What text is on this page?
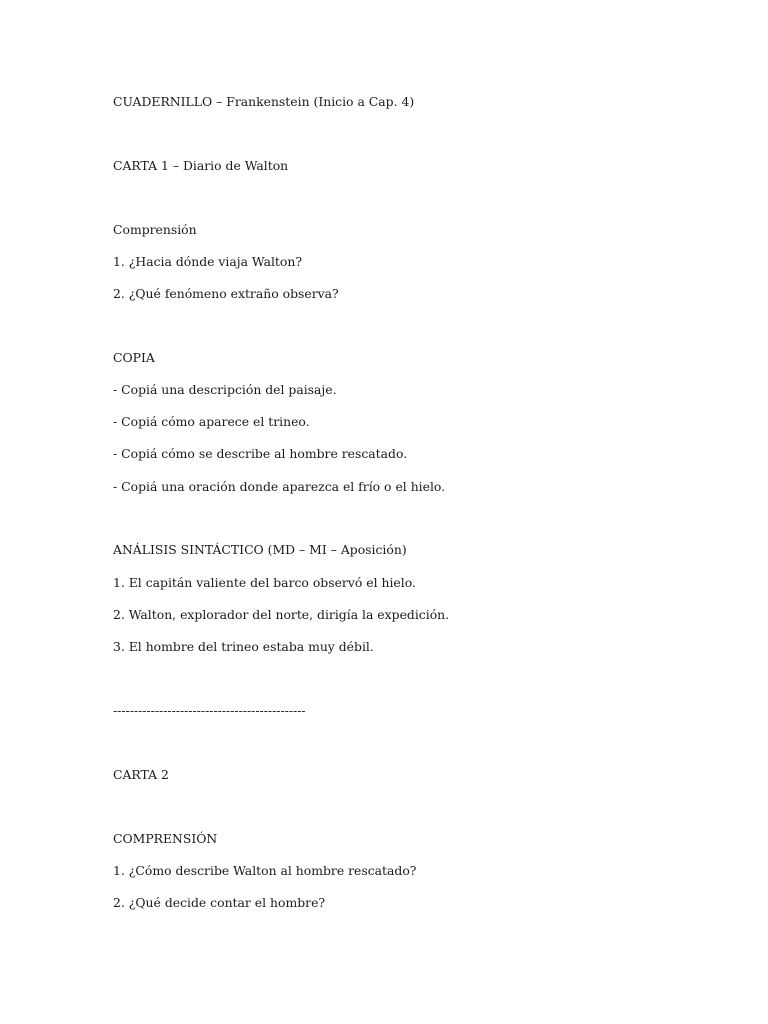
CUADERNILLO – Frankenstein (Inicio a Cap. 4)
CARTA 1 – Diario de Walton
Comprensión
1. ¿Hacia dónde viaja Walton?
2. ¿Qué fenómeno extraño observa?
COPIA
- Copiá una descripción del paisaje.
- Copiá cómo aparece el trineo.
- Copiá cómo se describe al hombre rescatado.
- Copiá una oración donde aparezca el frío o el hielo.
ANÁLISIS SINTÁCTICO (MD – MI – Aposición)
1. El capitán valiente del barco observó el hielo.
2. Walton, explorador del norte, dirigía la expedición.
3. El hombre del trineo estaba muy débil.
----------------------------------------------
CARTA 2
COMPRENSIÓN
1. ¿Cómo describe Walton al hombre rescatado?
2. ¿Qué decide contar el hombre?
